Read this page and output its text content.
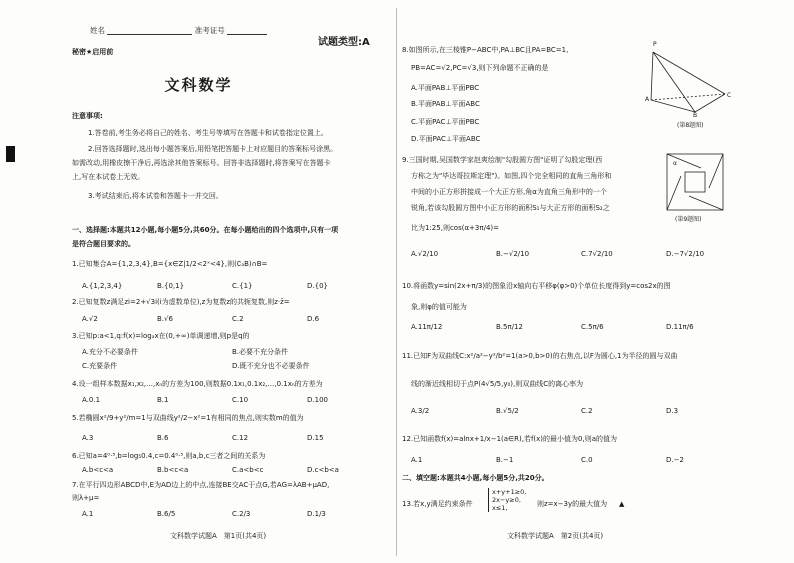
姓名	准考证号
秘密★启用前
试题类型:A
文科数学
注意事项:
1.答卷前,考生务必将自己的姓名、考生号等填写在答题卡和试卷指定位置上。
2.回答选择题时,选出每小题答案后,用铅笔把答题卡上对应题目的答案标号涂黑。
如需改动,用橡皮擦干净后,再选涂其他答案标号。回答非选择题时,将答案写在答题卡
上,写在本试卷上无效。
3.考试结束后,将本试卷和答题卡一并交回。
一、选择题:本题共12小题,每小题5分,共60分。在每小题给出的四个选项中,只有一项
是符合题目要求的。
1.已知集合A={1,2,3,4},B={x∈Z|1/2<2ˣ<4},则(∁ₐB)∩B=
A.{1,2,3,4}	B.{0,1}	C.{1}	D.{0}
2.已知复数z满足zi=2+√3i(i为虚数单位),z为复数z的共轭复数,则z·z̄=
A.√2	B.√6	C.2	D.6
3.已知p:a<1,q:f(x)=logₐx在(0,+∞)单调递增,则p是q的
A.充分不必要条件	B.必要不充分条件
C.充要条件	D.既不充分也不必要条件
4.设一组样本数据x₁,x₂,…,xₙ的方差为100,则数据0.1x₁,0.1x₂,…,0.1xₙ的方差为
A.0.1	B.1	C.10	D.100
5.若椭圆x²/9+y²/m=1与双曲线y²/2−x²=1有相同的焦点,则实数m的值为
A.3	B.6	C.12	D.15
6.已知a=4⁰·⁵,b=log₅0.4,c=0.4⁰·⁵,则a,b,c三者之间的关系为
A.b<c<a	B.b<c<a	C.a<b<c	D.c<b<a
7.在平行四边形ABCD中,E为AD边上的中点,连接BE交AC于点G,若AG=λAB+μAD,
则λ+μ=
A.1	B.6/5	C.2/3	D.1/3
文科数学试题A　第1页(共4页)
8.如图所示,在三棱锥P−ABC中,PA⊥BC且PA=BC=1,
PB=AC=√2,PC=√3,则下列命题不正确的是
A.平面PAB⊥平面PBC
B.平面PAB⊥平面ABC
C.平面PAC⊥平面PBC
D.平面PAC⊥平面ABC
P
A
B
C
(第8题图)
9.三国时期,吴国数学家赵爽绘制"勾股圆方图"证明了勾股定理(西
方称之为"毕达哥拉斯定理")。如图,四个完全相同的直角三角形和
中间的小正方形拼接成一个大正方形,角α为直角三角形中的一个
锐角,若该勾股圆方图中小正方形的面积S₁与大正方形的面积S₂之
比为1:25,则cos(α+3π/4)=
α
(第9题图)
A.√2/10	B.−√2/10	C.7√2/10	D.−7√2/10
10.将函数y=sin(2x+π/3)的图象沿x轴向右平移φ(φ>0)个单位长度得到y=cos2x的图
象,则φ的值可能为
A.11π/12	B.5π/12	C.5π/6	D.11π/6
11.已知F为双曲线C:x²/a²−y²/b²=1(a>0,b>0)的右焦点,以F为圆心,1为半径的圆与双曲
线的渐近线相切于点P(4√5/5,y₀),则双曲线C的离心率为
A.3/2	B.√5/2	C.2	D.3
12.已知函数f(x)=alnx+1/x−1(a∈R),若f(x)的最小值为0,则a的值为
A.1	B.−1	C.0	D.−2
二、填空题:本题共4小题,每小题5分,共20分。
13.若x,y满足约束条件
x+y+1≥0,
2x−y≥0,
x≤1,
则z=x−3y的最大值为 ▲
文科数学试题A　第2页(共4页)
